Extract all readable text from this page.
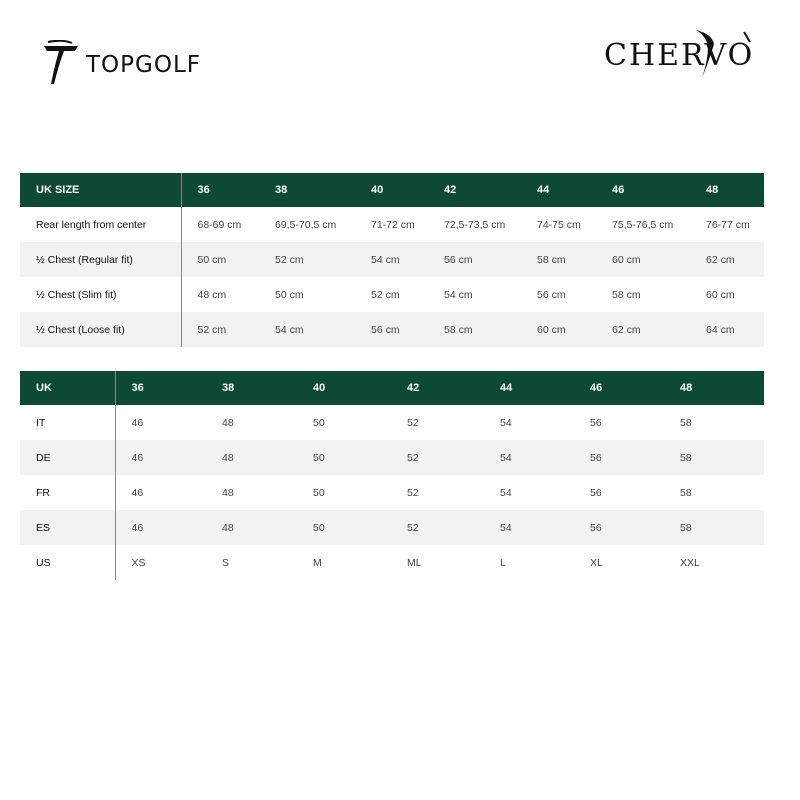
TOPGOLF	CHERVO
UK SIZE	36	38	40	42	44	46	48
Rear length from center	68-69 cm	69,5-70,5 cm	71-72 cm	72,5-73,5 cm	74-75 cm	75,5-76,5 cm	76-77 cm
½ Chest (Regular fit)	50 cm	52 cm	54 cm	56 cm	58 cm	60 cm	62 cm
½ Chest (Slim fit)	48 cm	50 cm	52 cm	54 cm	56 cm	58 cm	60 cm
½ Chest (Loose fit)	52 cm	54 cm	56 cm	58 cm	60 cm	62 cm	64 cm
UK	36	38	40	42	44	46	48
IT	46	48	50	52	54	56	58
DE	46	48	50	52	54	56	58
FR	46	48	50	52	54	56	58
ES	46	48	50	52	54	56	58
US	XS	S	M	ML	L	XL	XXL
